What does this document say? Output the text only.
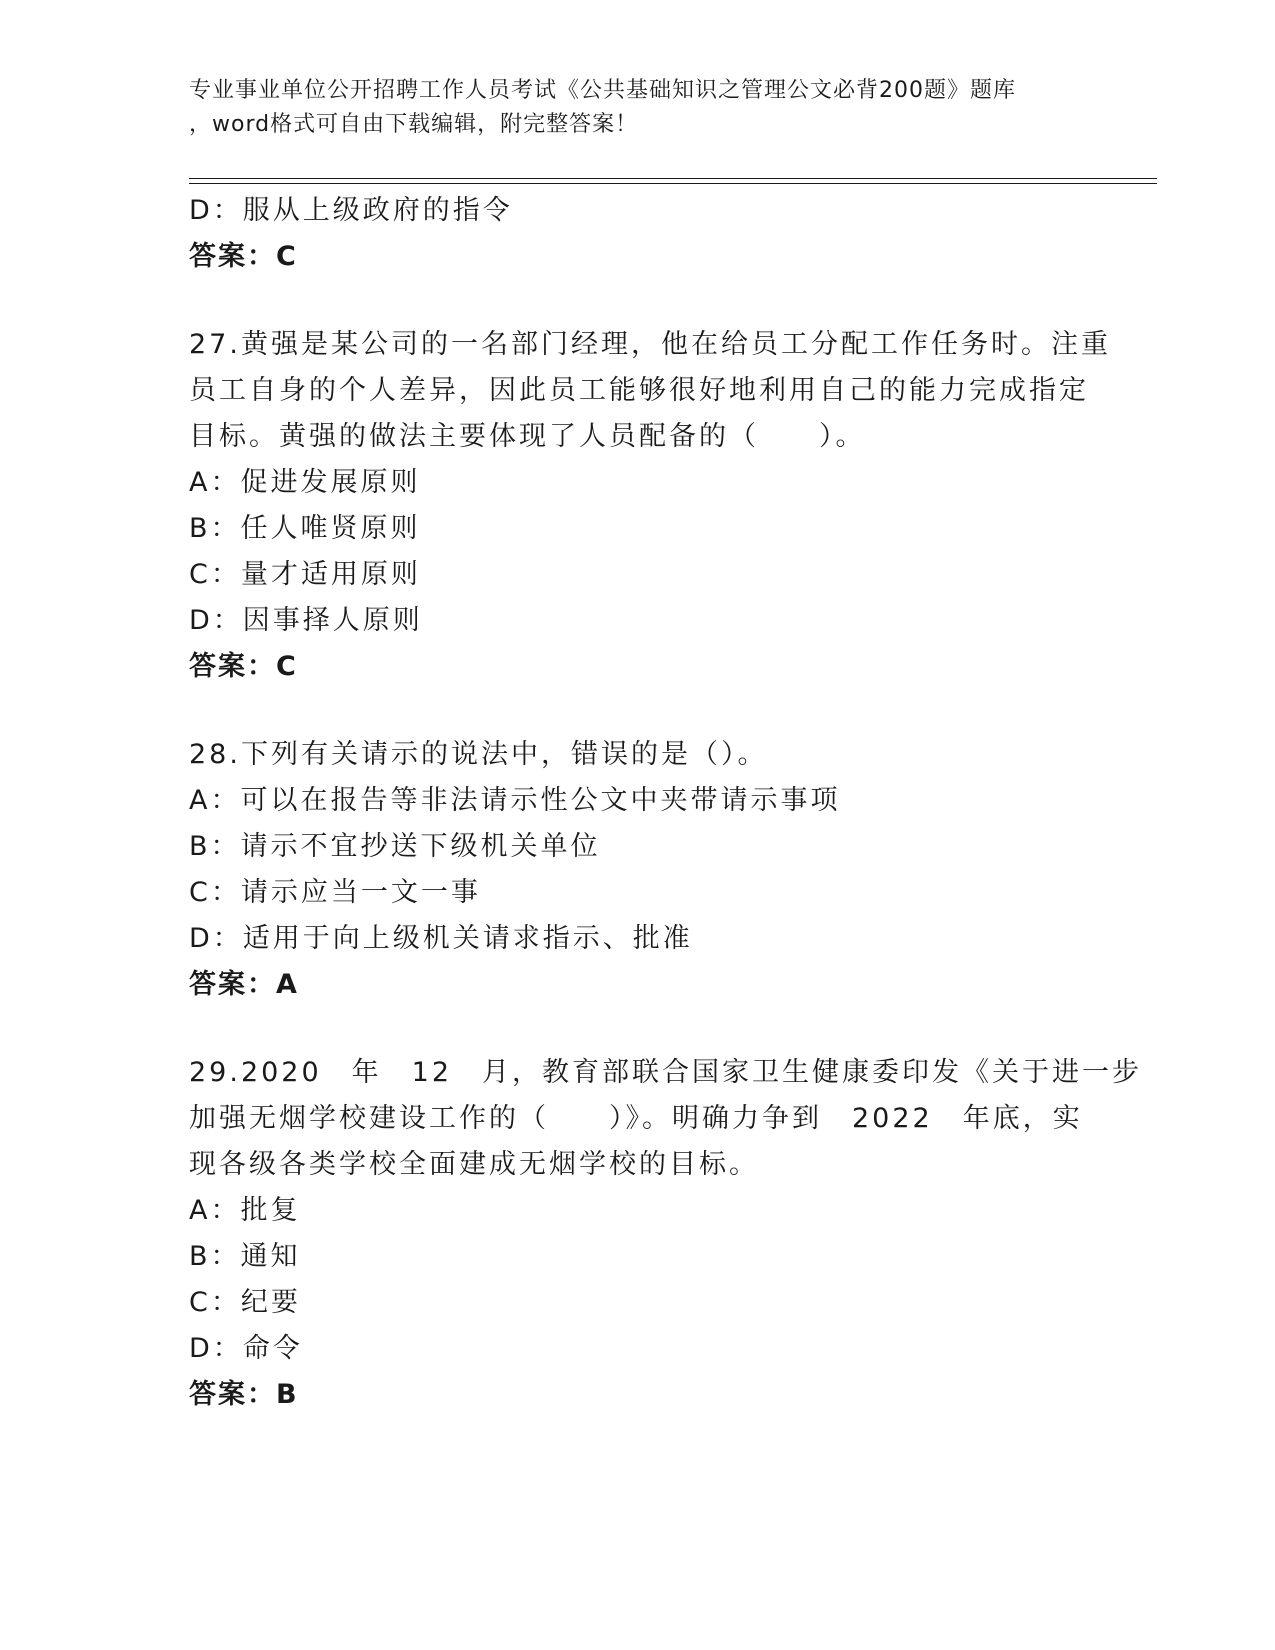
专业事业单位公开招聘工作人员考试《公共基础知识之管理公文必背200题》题库
，word格式可自由下载编辑，附完整答案！
D：服从上级政府的指令
答案：C
27.黄强是某公司的一名部门经理，他在给员工分配工作任务时。注重
员工自身的个人差异，因此员工能够很好地利用自己的能力完成指定
目标。黄强的做法主要体现了人员配备的（　　）。
A：促进发展原则
B：任人唯贤原则
C：量才适用原则
D：因事择人原则
答案：C
28.下列有关请示的说法中，错误的是（）。
A：可以在报告等非法请示性公文中夹带请示事项
B：请示不宜抄送下级机关单位
C：请示应当一文一事
D：适用于向上级机关请求指示、批准
答案：A
29.2020　年　12　月，教育部联合国家卫生健康委印发《关于进一步
加强无烟学校建设工作的（　　）》。明确力争到　2022　年底，实
现各级各类学校全面建成无烟学校的目标。
A：批复
B：通知
C：纪要
D：命令
答案：B
